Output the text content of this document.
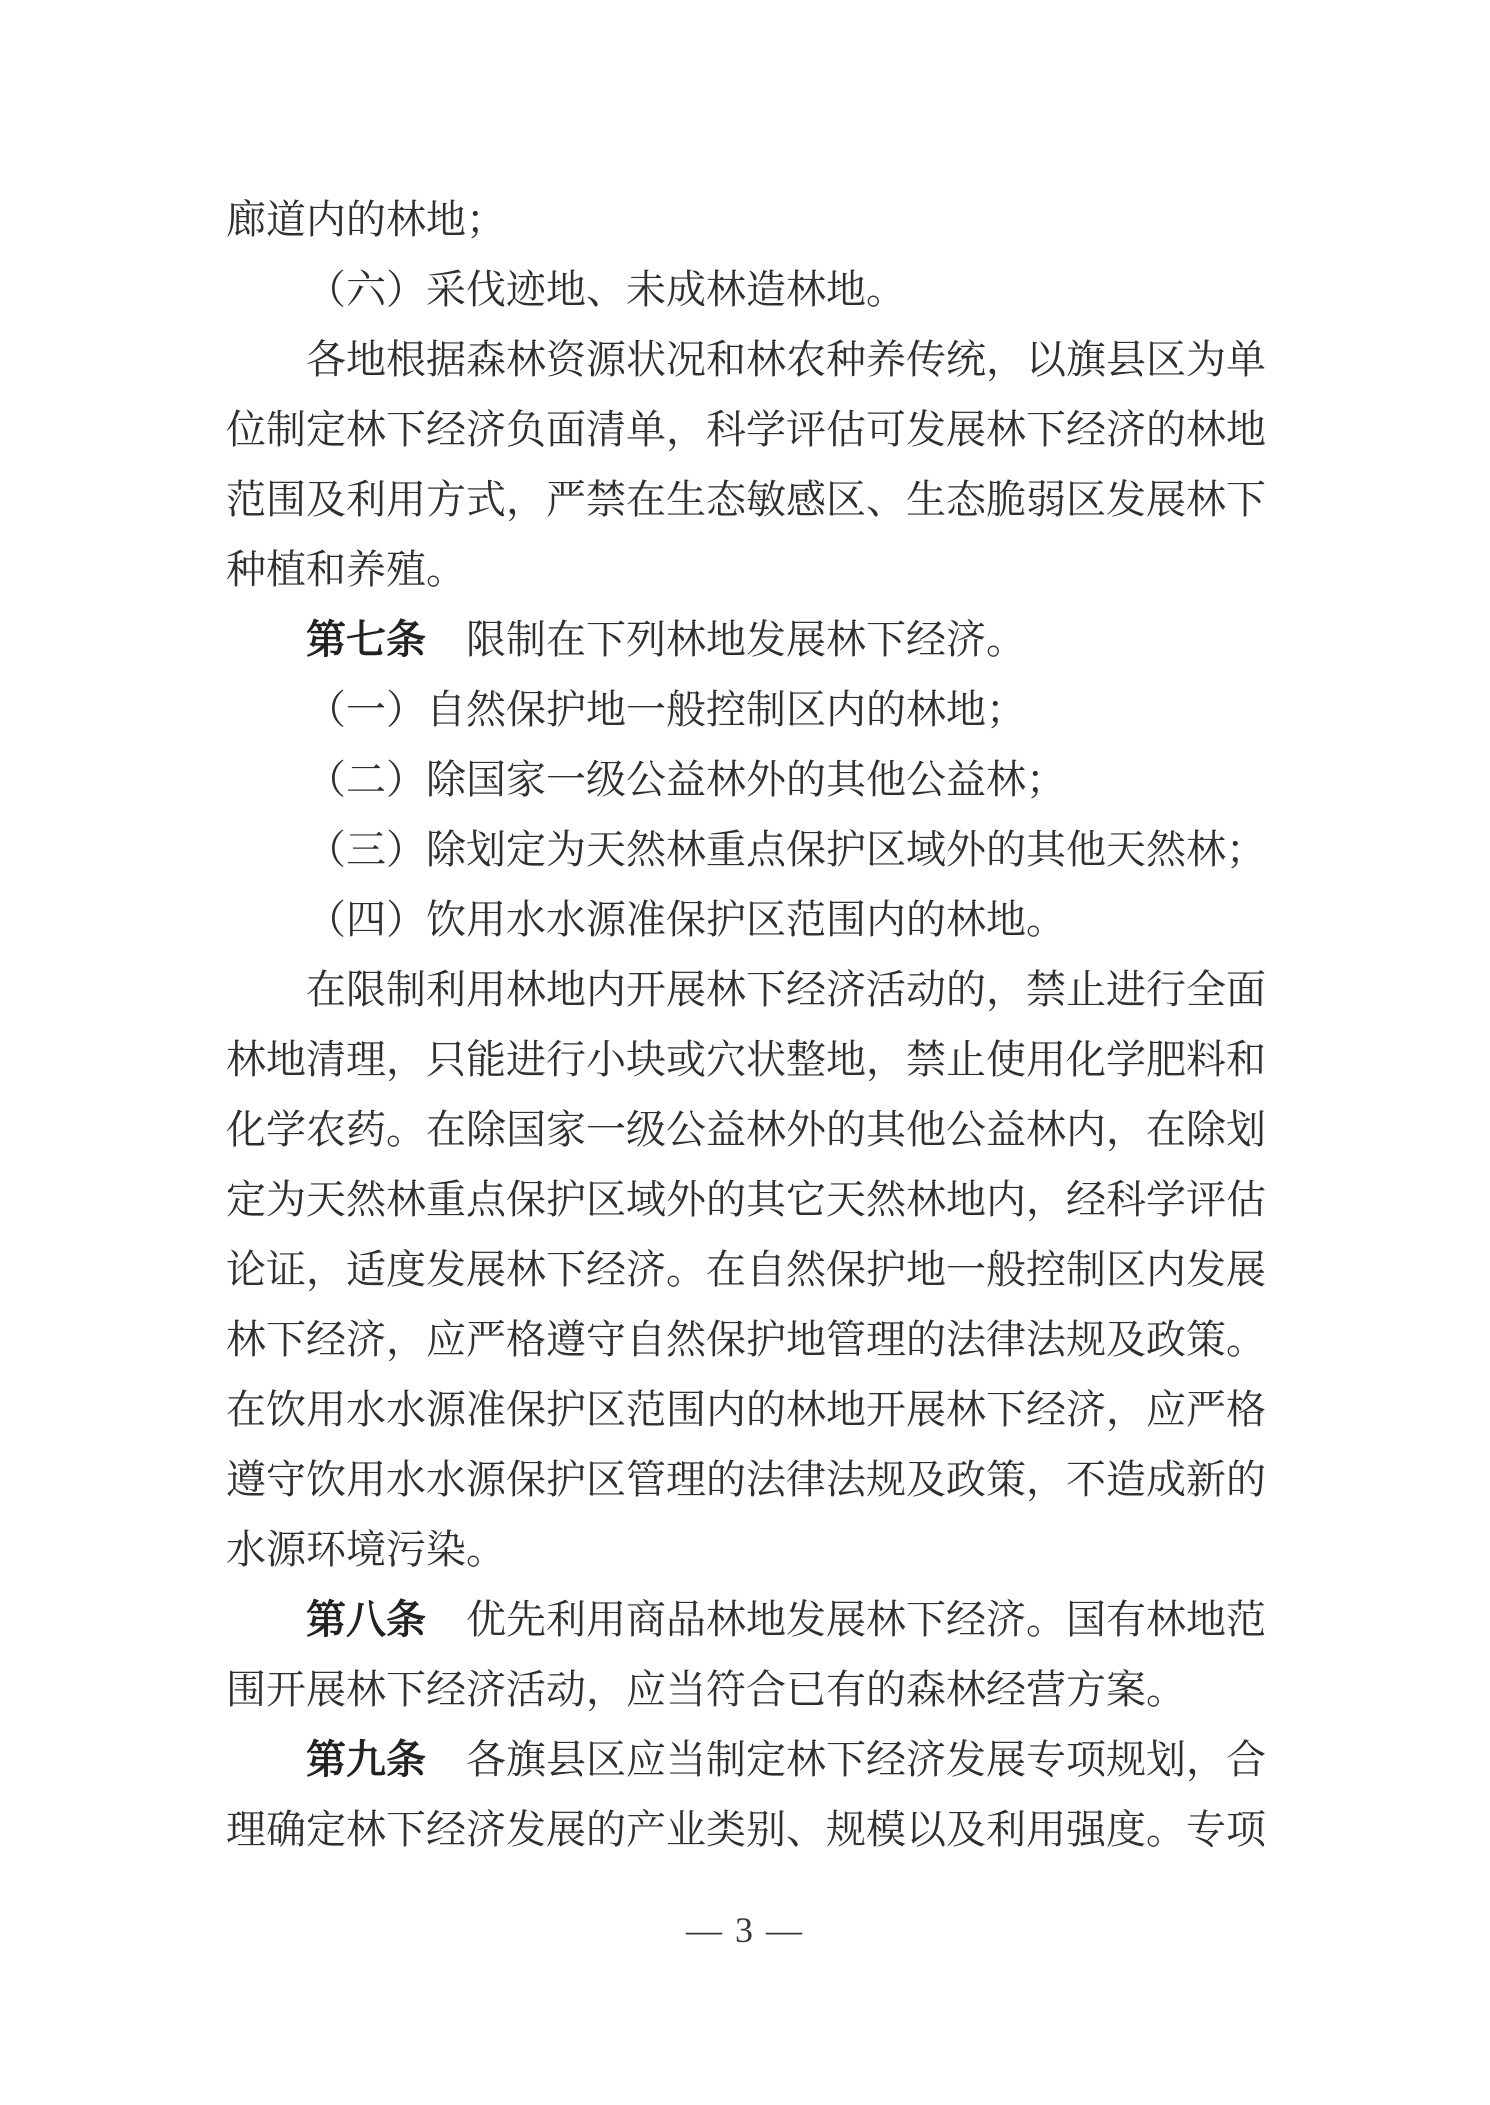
廊道内的林地；
（六）采伐迹地、未成林造林地。
各地根据森林资源状况和林农种养传统，以旗县区为单
位制定林下经济负面清单，科学评估可发展林下经济的林地
范围及利用方式，严禁在生态敏感区、生态脆弱区发展林下
种植和养殖。
第七条　限制在下列林地发展林下经济。
（一）自然保护地一般控制区内的林地；
（二）除国家一级公益林外的其他公益林；
（三）除划定为天然林重点保护区域外的其他天然林；
（四）饮用水水源准保护区范围内的林地。
在限制利用林地内开展林下经济活动的，禁止进行全面
林地清理，只能进行小块或穴状整地，禁止使用化学肥料和
化学农药。在除国家一级公益林外的其他公益林内，在除划
定为天然林重点保护区域外的其它天然林地内，经科学评估
论证，适度发展林下经济。在自然保护地一般控制区内发展
林下经济，应严格遵守自然保护地管理的法律法规及政策。
在饮用水水源准保护区范围内的林地开展林下经济，应严格
遵守饮用水水源保护区管理的法律法规及政策，不造成新的
水源环境污染。
第八条　优先利用商品林地发展林下经济。国有林地范
围开展林下经济活动，应当符合已有的森林经营方案。
第九条　各旗县区应当制定林下经济发展专项规划，合
理确定林下经济发展的产业类别、规模以及利用强度。专项
— 3 —
